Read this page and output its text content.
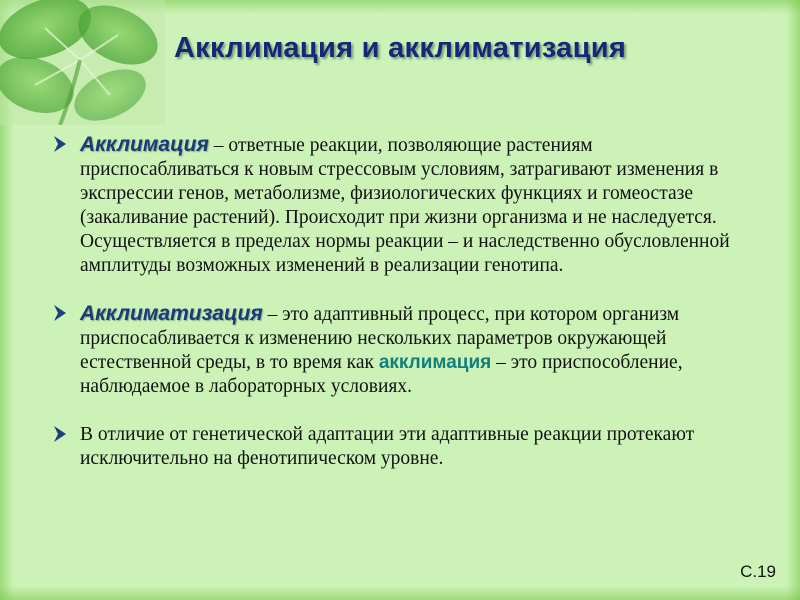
Акклимация и акклиматизация

Акклимация – ответные реакции, позволяющие растениям приспосабливаться к новым стрессовым условиям, затрагивают изменения в экспрессии генов, метаболизме, физиологических функциях и гомеостазе (закаливание растений). Происходит при жизни организма и не наследуется. Осуществляется в пределах нормы реакции – и наследственно обусловленной амплитуды возможных изменений в реализации генотипа.

Акклиматизация – это адаптивный процесс, при котором организм приспосабливается к изменению нескольких параметров окружающей естественной среды, в то время как акклимация – это приспособление, наблюдаемое в лабораторных условиях.

В отличие от генетической адаптации эти адаптивные реакции протекают исключительно на фенотипическом уровне.

С.19
